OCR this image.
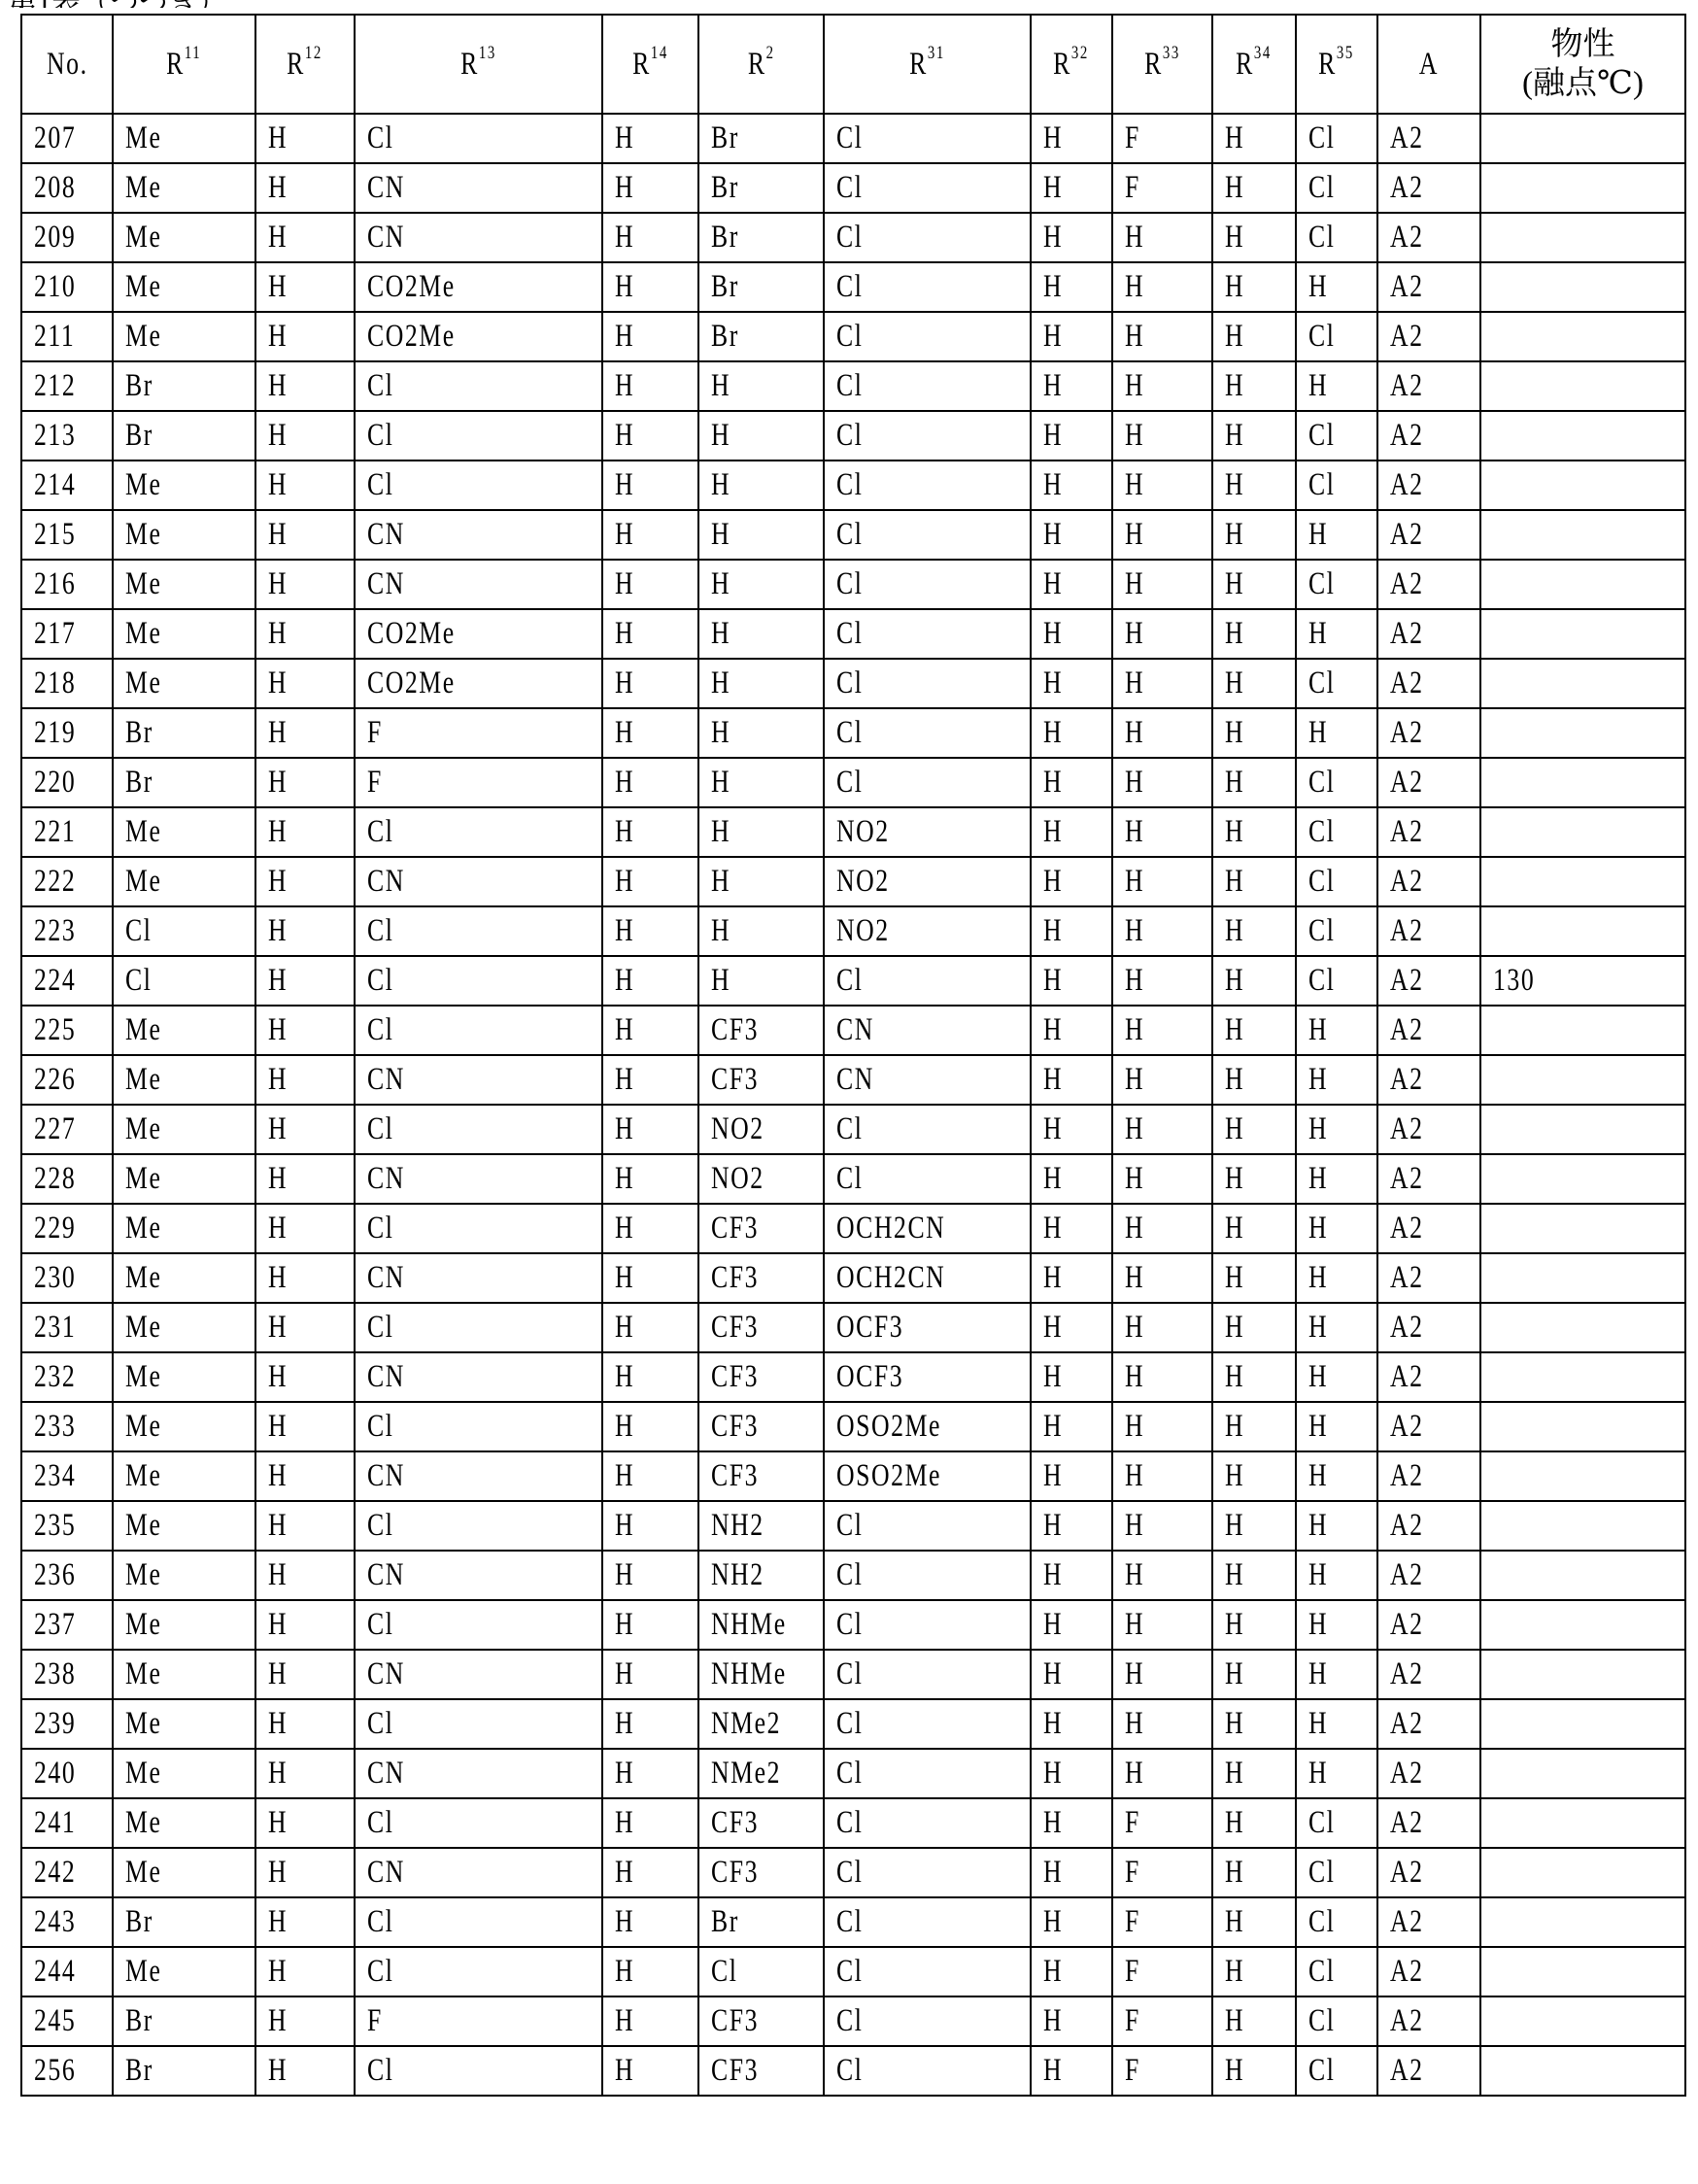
No.	R11	R12	R13	R14	R2	R31	R32	R33	R34	R35	A	
物性
(融点℃)

207	Me	H	Cl	H	Br	Cl	H	F	H	Cl	A2	
208	Me	H	CN	H	Br	Cl	H	F	H	Cl	A2	
209	Me	H	CN	H	Br	Cl	H	H	H	Cl	A2	
210	Me	H	CO2Me	H	Br	Cl	H	H	H	H	A2	
211	Me	H	CO2Me	H	Br	Cl	H	H	H	Cl	A2	
212	Br	H	Cl	H	H	Cl	H	H	H	H	A2	
213	Br	H	Cl	H	H	Cl	H	H	H	Cl	A2	
214	Me	H	Cl	H	H	Cl	H	H	H	Cl	A2	
215	Me	H	CN	H	H	Cl	H	H	H	H	A2	
216	Me	H	CN	H	H	Cl	H	H	H	Cl	A2	
217	Me	H	CO2Me	H	H	Cl	H	H	H	H	A2	
218	Me	H	CO2Me	H	H	Cl	H	H	H	Cl	A2	
219	Br	H	F	H	H	Cl	H	H	H	H	A2	
220	Br	H	F	H	H	Cl	H	H	H	Cl	A2	
221	Me	H	Cl	H	H	NO2	H	H	H	Cl	A2	
222	Me	H	CN	H	H	NO2	H	H	H	Cl	A2	
223	Cl	H	Cl	H	H	NO2	H	H	H	Cl	A2	
224	Cl	H	Cl	H	H	Cl	H	H	H	Cl	A2	130
225	Me	H	Cl	H	CF3	CN	H	H	H	H	A2	
226	Me	H	CN	H	CF3	CN	H	H	H	H	A2	
227	Me	H	Cl	H	NO2	Cl	H	H	H	H	A2	
228	Me	H	CN	H	NO2	Cl	H	H	H	H	A2	
229	Me	H	Cl	H	CF3	OCH2CN	H	H	H	H	A2	
230	Me	H	CN	H	CF3	OCH2CN	H	H	H	H	A2	
231	Me	H	Cl	H	CF3	OCF3	H	H	H	H	A2	
232	Me	H	CN	H	CF3	OCF3	H	H	H	H	A2	
233	Me	H	Cl	H	CF3	OSO2Me	H	H	H	H	A2	
234	Me	H	CN	H	CF3	OSO2Me	H	H	H	H	A2	
235	Me	H	Cl	H	NH2	Cl	H	H	H	H	A2	
236	Me	H	CN	H	NH2	Cl	H	H	H	H	A2	
237	Me	H	Cl	H	NHMe	Cl	H	H	H	H	A2	
238	Me	H	CN	H	NHMe	Cl	H	H	H	H	A2	
239	Me	H	Cl	H	NMe2	Cl	H	H	H	H	A2	
240	Me	H	CN	H	NMe2	Cl	H	H	H	H	A2	
241	Me	H	Cl	H	CF3	Cl	H	F	H	Cl	A2	
242	Me	H	CN	H	CF3	Cl	H	F	H	Cl	A2	
243	Br	H	Cl	H	Br	Cl	H	F	H	Cl	A2	
244	Me	H	Cl	H	Cl	Cl	H	F	H	Cl	A2	
245	Br	H	F	H	CF3	Cl	H	F	H	Cl	A2	
256	Br	H	Cl	H	CF3	Cl	H	F	H	Cl	A2	
